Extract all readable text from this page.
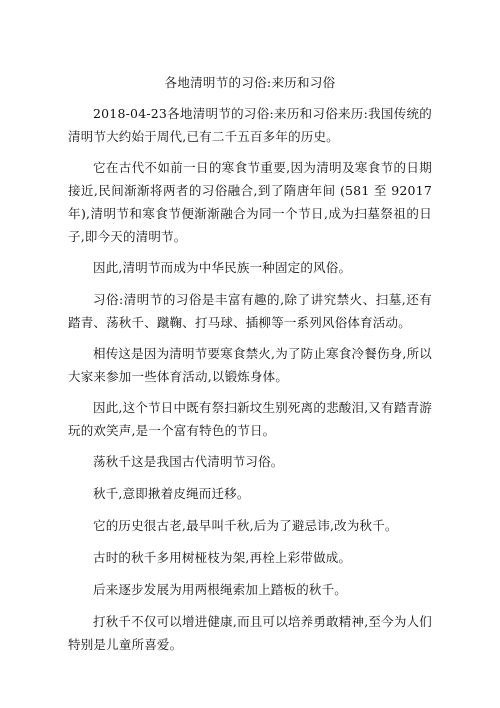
各地清明节的习俗:来历和习俗

2018-04-23各地清明节的习俗:来历和习俗来历:我国传统的清明节大约始于周代,已有二千五百多年的历史。

它在古代不如前一日的寒食节重要,因为清明及寒食节的日期接近,民间渐渐将两者的习俗融合,到了隋唐年间 (581 至 92017 年),清明节和寒食节便渐渐融合为同一个节日,成为扫墓祭祖的日子,即今天的清明节。

因此,清明节而成为中华民族一种固定的风俗。

习俗:清明节的习俗是丰富有趣的,除了讲究禁火、扫墓,还有踏青、荡秋千、蹴鞠、打马球、插柳等一系列风俗体育活动。

相传这是因为清明节要寒食禁火,为了防止寒食冷餐伤身,所以大家来参加一些体育活动,以锻炼身体。

因此,这个节日中既有祭扫新坟生别死离的悲酸泪,又有踏青游玩的欢笑声,是一个富有特色的节日。

荡秋千这是我国古代清明节习俗。

秋千,意即揪着皮绳而迁移。

它的历史很古老,最早叫千秋,后为了避忌讳,改为秋千。

古时的秋千多用树桠枝为架,再栓上彩带做成。

后来逐步发展为用两根绳索加上踏板的秋千。

打秋千不仅可以增进健康,而且可以培养勇敢精神,至今为人们特别是儿童所喜爱。
